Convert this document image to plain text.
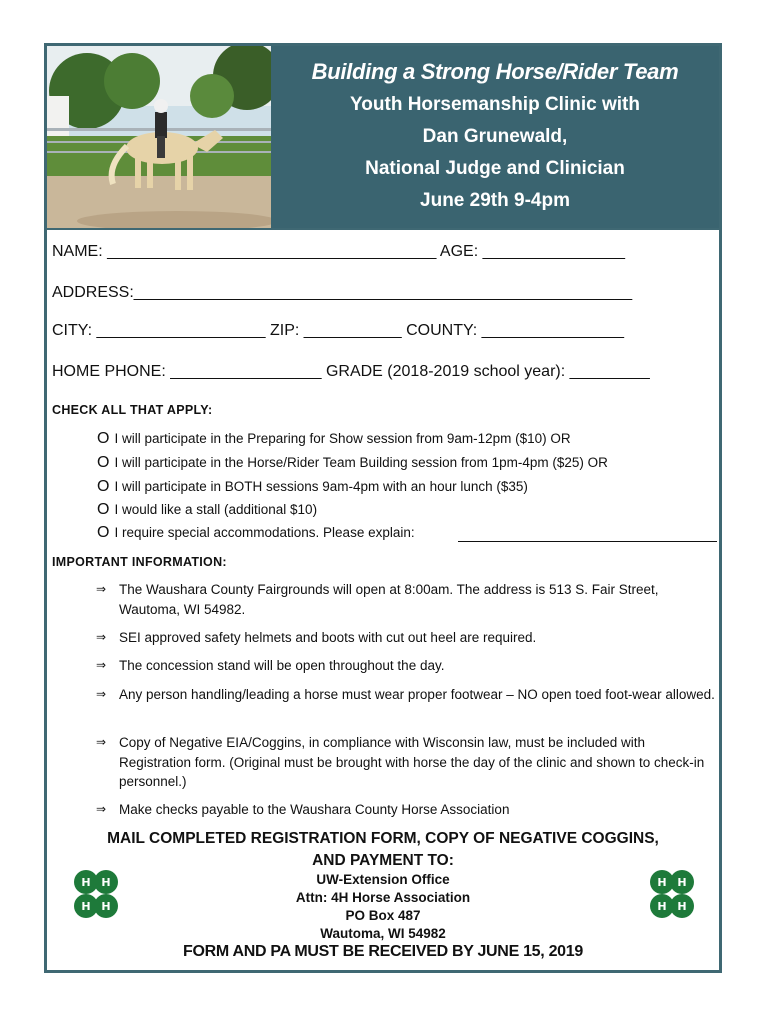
Building a Strong Horse/Rider Team
Youth Horsemanship Clinic with
Dan Grunewald,
National Judge and Clinician
June 29th 9-4pm
NAME: _____________________________________ AGE: ________________
ADDRESS:________________________________________________________
CITY: ___________________ ZIP: ___________ COUNTY: ________________
HOME PHONE: _________________ GRADE (2018-2019 school year): _________
CHECK ALL THAT APPLY:
O I will participate in the Preparing for Show session from 9am-12pm ($10) OR
O I will participate in the Horse/Rider Team Building session from 1pm-4pm ($25) OR
O I will participate in BOTH sessions 9am-4pm with an hour lunch ($35)
O I would like a stall (additional $10)
O I require special accommodations. Please explain:
IMPORTANT INFORMATION:
⇒ The Waushara County Fairgrounds will open at 8:00am. The address is 513 S. Fair Street, Wautoma, WI 54982.
⇒ SEI approved safety helmets and boots with cut out heel are required.
⇒ The concession stand will be open throughout the day.
⇒ Any person handling/leading a horse must wear proper footwear – NO open toed foot-wear allowed.
⇒ Copy of Negative EIA/Coggins, in compliance with Wisconsin law, must be included with Registration form. (Original must be brought with horse the day of the clinic and shown to check-in personnel.)
⇒ Make checks payable to the Waushara County Horse Association
MAIL COMPLETED REGISTRATION FORM, COPY OF NEGATIVE COGGINS,
AND PAYMENT TO:
UW-Extension Office
Attn: 4H Horse Association
PO Box 487
Wautoma, WI 54982
H H
H H
H H
H H
FORM AND PA MUST BE RECEIVED BY JUNE 15, 2019
